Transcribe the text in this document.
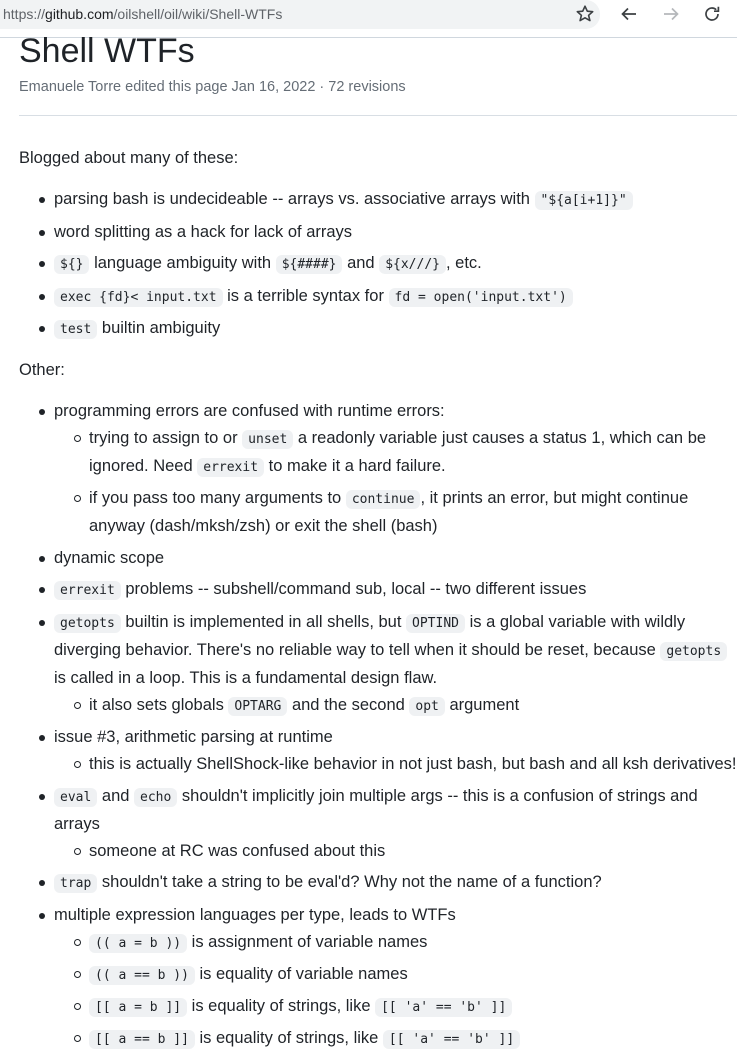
https://github.com/oilshell/oil/wiki/Shell-WTFs
Shell WTFs
Emanuele Torre edited this page Jan 16, 2022 · 72 revisions

Blogged about many of these:

parsing bash is undecideable -- arrays vs. associative arrays with "${a[i+1]}"
word splitting as a hack for lack of arrays
${} language ambiguity with ${####} and ${x///} , etc.
exec {fd}< input.txt is a terrible syntax for fd = open('input.txt')
test builtin ambiguity

Other:

programming errors are confused with runtime errors:
trying to assign to or unset a readonly variable just causes a status 1, which can be ignored. Need errexit to make it a hard failure.
if you pass too many arguments to continue , it prints an error, but might continue anyway (dash/mksh/zsh) or exit the shell (bash)
dynamic scope
errexit problems -- subshell/command sub, local -- two different issues
getopts builtin is implemented in all shells, but OPTIND is a global variable with wildly diverging behavior. There's no reliable way to tell when it should be reset, because getopts is called in a loop. This is a fundamental design flaw.
it also sets globals OPTARG and the second opt argument
issue #3, arithmetic parsing at runtime
this is actually ShellShock-like behavior in not just bash, but bash and all ksh derivatives!
eval and echo shouldn't implicitly join multiple args -- this is a confusion of strings and arrays
someone at RC was confused about this
trap shouldn't take a string to be eval'd? Why not the name of a function?
multiple expression languages per type, leads to WTFs
(( a = b )) is assignment of variable names
(( a == b )) is equality of variable names
[[ a = b ]] is equality of strings, like [[ 'a' == 'b' ]]
[[ a == b ]] is equality of strings, like [[ 'a' == 'b' ]]
